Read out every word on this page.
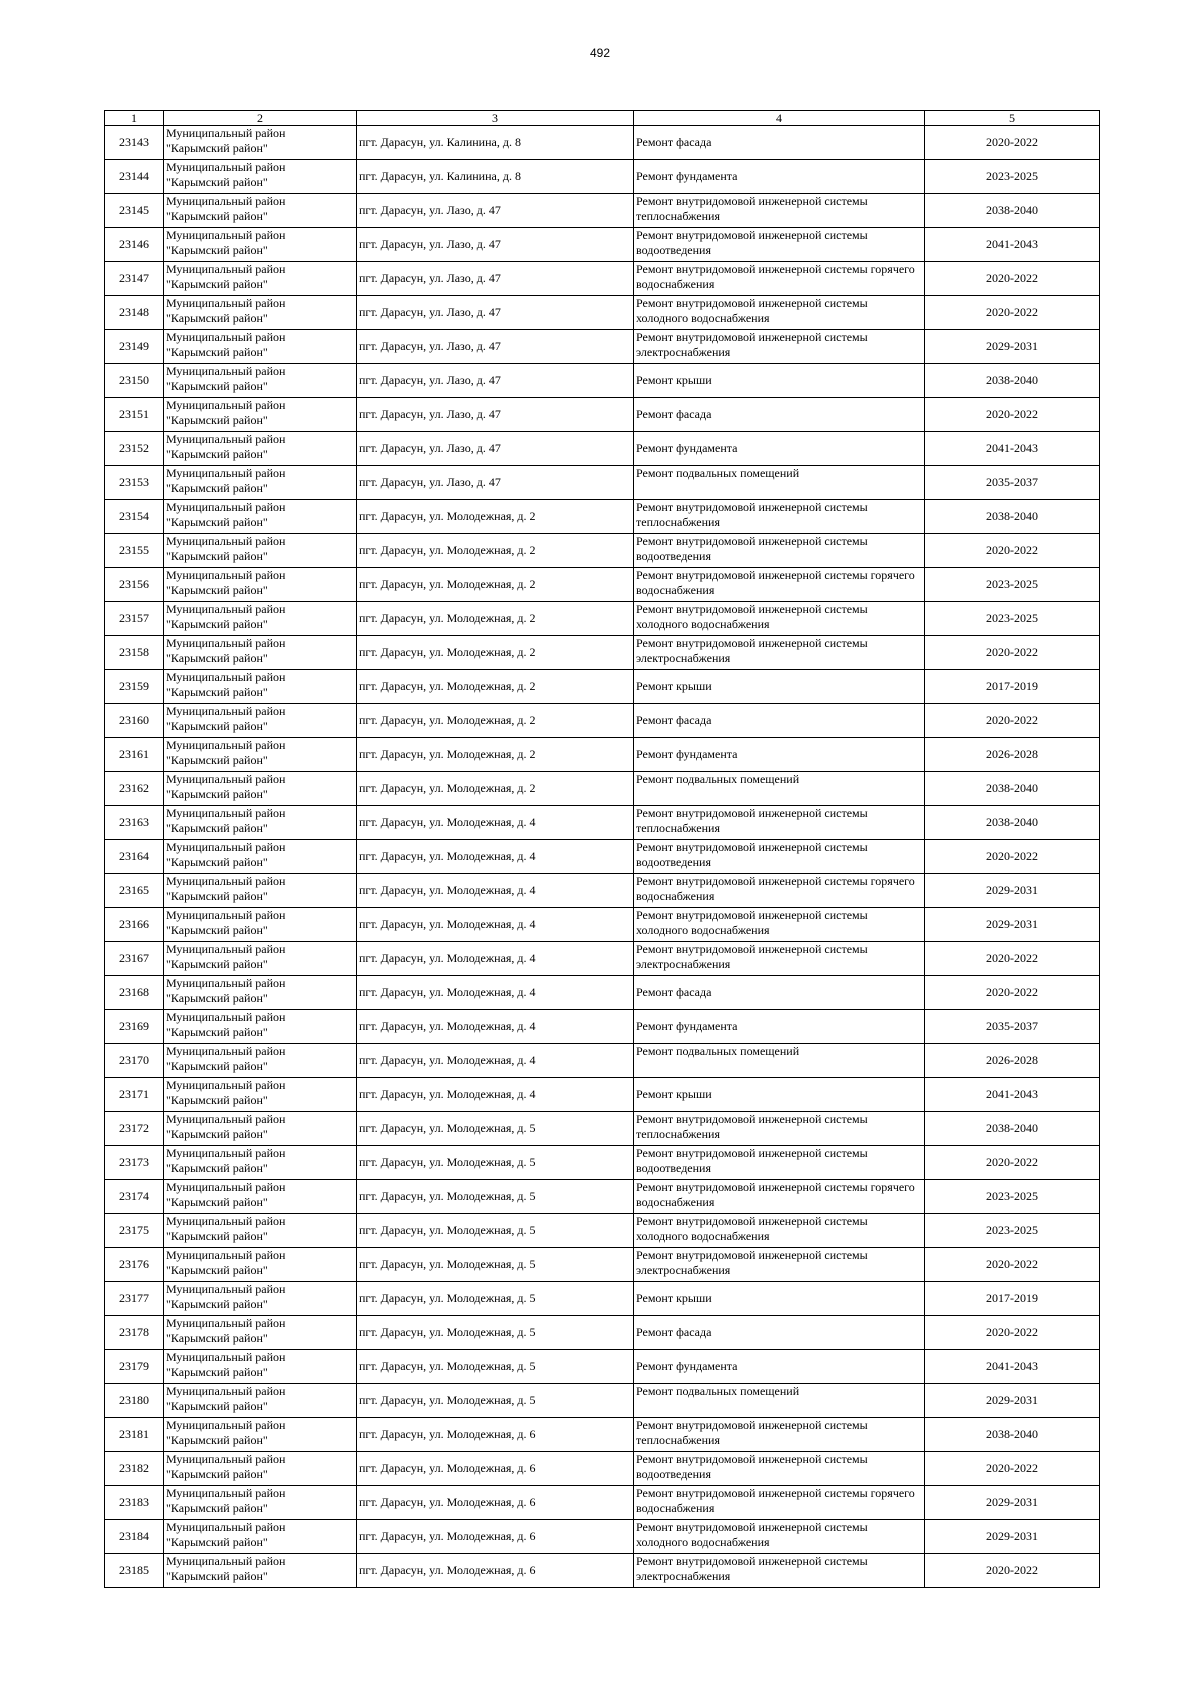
492
1	2	3	4	5
23143	Муниципальный район
"Карымский район"	пгт. Дарасун, ул. Калинина, д. 8	Ремонт фасада	2020-2022
23144	Муниципальный район
"Карымский район"	пгт. Дарасун, ул. Калинина, д. 8	Ремонт фундамента	2023-2025
23145	Муниципальный район
"Карымский район"	пгт. Дарасун, ул. Лазо, д. 47	Ремонт внутридомовой инженерной системы теплоснабжения	2038-2040
23146	Муниципальный район
"Карымский район"	пгт. Дарасун, ул. Лазо, д. 47	Ремонт внутридомовой инженерной системы водоотведения	2041-2043
23147	Муниципальный район
"Карымский район"	пгт. Дарасун, ул. Лазо, д. 47	Ремонт внутридомовой инженерной системы горячего водоснабжения	2020-2022
23148	Муниципальный район
"Карымский район"	пгт. Дарасун, ул. Лазо, д. 47	Ремонт внутридомовой инженерной системы холодного водоснабжения	2020-2022
23149	Муниципальный район
"Карымский район"	пгт. Дарасун, ул. Лазо, д. 47	Ремонт внутридомовой инженерной системы электроснабжения	2029-2031
23150	Муниципальный район
"Карымский район"	пгт. Дарасун, ул. Лазо, д. 47	Ремонт крыши	2038-2040
23151	Муниципальный район
"Карымский район"	пгт. Дарасун, ул. Лазо, д. 47	Ремонт фасада	2020-2022
23152	Муниципальный район
"Карымский район"	пгт. Дарасун, ул. Лазо, д. 47	Ремонт фундамента	2041-2043
23153	Муниципальный район
"Карымский район"	пгт. Дарасун, ул. Лазо, д. 47	Ремонт подвальных помещений	2035-2037
23154	Муниципальный район
"Карымский район"	пгт. Дарасун, ул. Молодежная, д. 2	Ремонт внутридомовой инженерной системы теплоснабжения	2038-2040
23155	Муниципальный район
"Карымский район"	пгт. Дарасун, ул. Молодежная, д. 2	Ремонт внутридомовой инженерной системы водоотведения	2020-2022
23156	Муниципальный район
"Карымский район"	пгт. Дарасун, ул. Молодежная, д. 2	Ремонт внутридомовой инженерной системы горячего водоснабжения	2023-2025
23157	Муниципальный район
"Карымский район"	пгт. Дарасун, ул. Молодежная, д. 2	Ремонт внутридомовой инженерной системы холодного водоснабжения	2023-2025
23158	Муниципальный район
"Карымский район"	пгт. Дарасун, ул. Молодежная, д. 2	Ремонт внутридомовой инженерной системы электроснабжения	2020-2022
23159	Муниципальный район
"Карымский район"	пгт. Дарасун, ул. Молодежная, д. 2	Ремонт крыши	2017-2019
23160	Муниципальный район
"Карымский район"	пгт. Дарасун, ул. Молодежная, д. 2	Ремонт фасада	2020-2022
23161	Муниципальный район
"Карымский район"	пгт. Дарасун, ул. Молодежная, д. 2	Ремонт фундамента	2026-2028
23162	Муниципальный район
"Карымский район"	пгт. Дарасун, ул. Молодежная, д. 2	Ремонт подвальных помещений	2038-2040
23163	Муниципальный район
"Карымский район"	пгт. Дарасун, ул. Молодежная, д. 4	Ремонт внутридомовой инженерной системы теплоснабжения	2038-2040
23164	Муниципальный район
"Карымский район"	пгт. Дарасун, ул. Молодежная, д. 4	Ремонт внутридомовой инженерной системы водоотведения	2020-2022
23165	Муниципальный район
"Карымский район"	пгт. Дарасун, ул. Молодежная, д. 4	Ремонт внутридомовой инженерной системы горячего водоснабжения	2029-2031
23166	Муниципальный район
"Карымский район"	пгт. Дарасун, ул. Молодежная, д. 4	Ремонт внутридомовой инженерной системы холодного водоснабжения	2029-2031
23167	Муниципальный район
"Карымский район"	пгт. Дарасун, ул. Молодежная, д. 4	Ремонт внутридомовой инженерной системы электроснабжения	2020-2022
23168	Муниципальный район
"Карымский район"	пгт. Дарасун, ул. Молодежная, д. 4	Ремонт фасада	2020-2022
23169	Муниципальный район
"Карымский район"	пгт. Дарасун, ул. Молодежная, д. 4	Ремонт фундамента	2035-2037
23170	Муниципальный район
"Карымский район"	пгт. Дарасун, ул. Молодежная, д. 4	Ремонт подвальных помещений	2026-2028
23171	Муниципальный район
"Карымский район"	пгт. Дарасун, ул. Молодежная, д. 4	Ремонт крыши	2041-2043
23172	Муниципальный район
"Карымский район"	пгт. Дарасун, ул. Молодежная, д. 5	Ремонт внутридомовой инженерной системы теплоснабжения	2038-2040
23173	Муниципальный район
"Карымский район"	пгт. Дарасун, ул. Молодежная, д. 5	Ремонт внутридомовой инженерной системы водоотведения	2020-2022
23174	Муниципальный район
"Карымский район"	пгт. Дарасун, ул. Молодежная, д. 5	Ремонт внутридомовой инженерной системы горячего водоснабжения	2023-2025
23175	Муниципальный район
"Карымский район"	пгт. Дарасун, ул. Молодежная, д. 5	Ремонт внутридомовой инженерной системы холодного водоснабжения	2023-2025
23176	Муниципальный район
"Карымский район"	пгт. Дарасун, ул. Молодежная, д. 5	Ремонт внутридомовой инженерной системы электроснабжения	2020-2022
23177	Муниципальный район
"Карымский район"	пгт. Дарасун, ул. Молодежная, д. 5	Ремонт крыши	2017-2019
23178	Муниципальный район
"Карымский район"	пгт. Дарасун, ул. Молодежная, д. 5	Ремонт фасада	2020-2022
23179	Муниципальный район
"Карымский район"	пгт. Дарасун, ул. Молодежная, д. 5	Ремонт фундамента	2041-2043
23180	Муниципальный район
"Карымский район"	пгт. Дарасун, ул. Молодежная, д. 5	Ремонт подвальных помещений	2029-2031
23181	Муниципальный район
"Карымский район"	пгт. Дарасун, ул. Молодежная, д. 6	Ремонт внутридомовой инженерной системы теплоснабжения	2038-2040
23182	Муниципальный район
"Карымский район"	пгт. Дарасун, ул. Молодежная, д. 6	Ремонт внутридомовой инженерной системы водоотведения	2020-2022
23183	Муниципальный район
"Карымский район"	пгт. Дарасун, ул. Молодежная, д. 6	Ремонт внутридомовой инженерной системы горячего водоснабжения	2029-2031
23184	Муниципальный район
"Карымский район"	пгт. Дарасун, ул. Молодежная, д. 6	Ремонт внутридомовой инженерной системы холодного водоснабжения	2029-2031
23185	Муниципальный район
"Карымский район"	пгт. Дарасун, ул. Молодежная, д. 6	Ремонт внутридомовой инженерной системы электроснабжения	2020-2022
